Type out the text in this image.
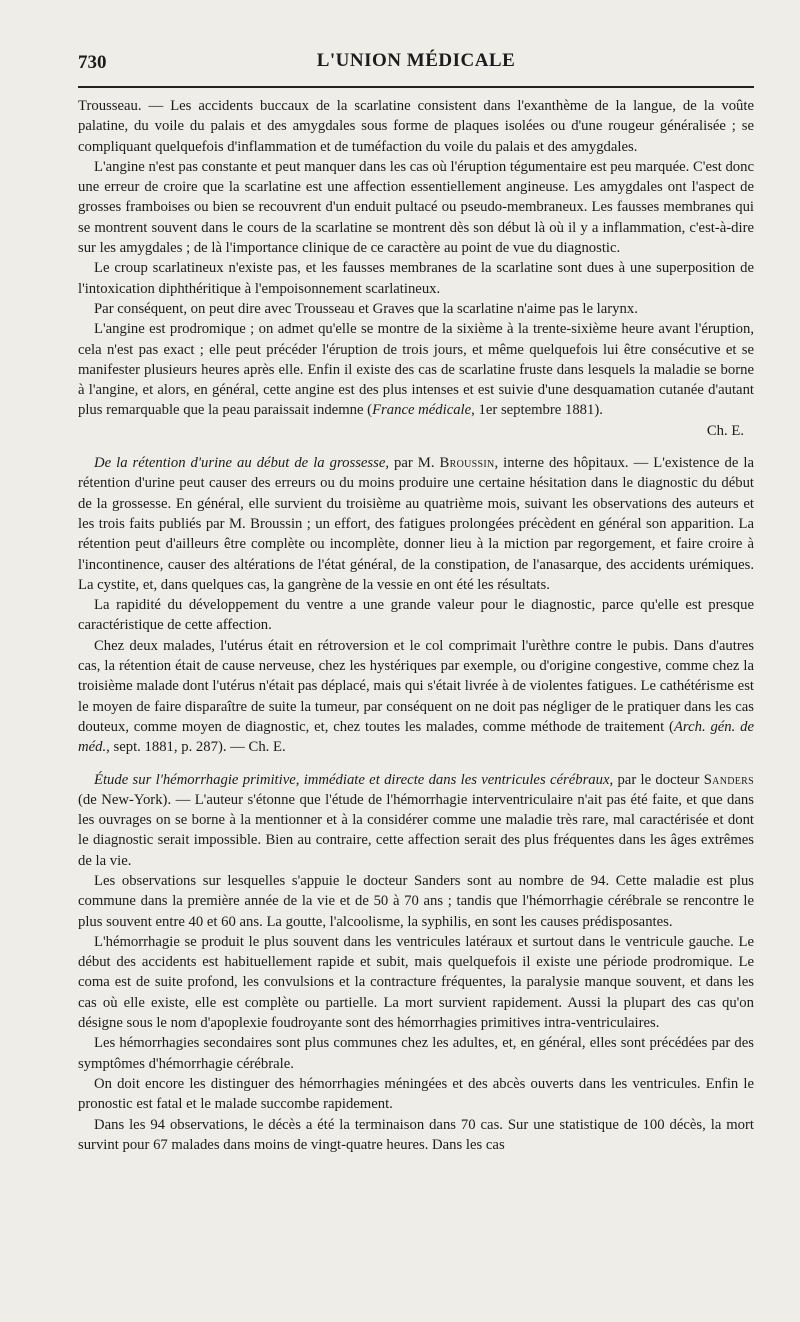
730	L'UNION MÉDICALE

Trousseau. — Les accidents buccaux de la scarlatine consistent dans l'exanthème de la langue, de la voûte palatine, du voile du palais et des amygdales sous forme de plaques isolées ou d'une rougeur généralisée ; se compliquant quelquefois d'inflammation et de tuméfaction du voile du palais et des amygdales.

L'angine n'est pas constante et peut manquer dans les cas où l'éruption tégumentaire est peu marquée. C'est donc une erreur de croire que la scarlatine est une affection essentiellement angineuse. Les amygdales ont l'aspect de grosses framboises ou bien se recouvrent d'un enduit pultacé ou pseudo-membraneux. Les fausses membranes qui se montrent souvent dans le cours de la scarlatine se montrent dès son début là où il y a inflammation, c'est-à-dire sur les amygdales ; de là l'importance clinique de ce caractère au point de vue du diagnostic.

Le croup scarlatineux n'existe pas, et les fausses membranes de la scarlatine sont dues à une superposition de l'intoxication diphthéritique à l'empoisonnement scarlatineux.

Par conséquent, on peut dire avec Trousseau et Graves que la scarlatine n'aime pas le larynx.

L'angine est prodromique ; on admet qu'elle se montre de la sixième à la trente-sixième heure avant l'éruption, cela n'est pas exact ; elle peut précéder l'éruption de trois jours, et même quelquefois lui être consécutive et se manifester plusieurs heures après elle. Enfin il existe des cas de scarlatine fruste dans lesquels la maladie se borne à l'angine, et alors, en général, cette angine est des plus intenses et est suivie d'une desquamation cutanée d'autant plus remarquable que la peau paraissait indemne (France médicale, 1er septembre 1881).

Ch. E.

De la rétention d'urine au début de la grossesse, par M. Broussin, interne des hôpitaux. — L'existence de la rétention d'urine peut causer des erreurs ou du moins produire une certaine hésitation dans le diagnostic du début de la grossesse. En général, elle survient du troisième au quatrième mois, suivant les observations des auteurs et les trois faits publiés par M. Broussin ; un effort, des fatigues prolongées précèdent en général son apparition. La rétention peut d'ailleurs être complète ou incomplète, donner lieu à la miction par regorgement, et faire croire à l'incontinence, causer des altérations de l'état général, de la constipation, de l'anasarque, des accidents urémiques. La cystite, et, dans quelques cas, la gangrène de la vessie en ont été les résultats.

La rapidité du développement du ventre a une grande valeur pour le diagnostic, parce qu'elle est presque caractéristique de cette affection.

Chez deux malades, l'utérus était en rétroversion et le col comprimait l'urèthre contre le pubis. Dans d'autres cas, la rétention était de cause nerveuse, chez les hystériques par exemple, ou d'origine congestive, comme chez la troisième malade dont l'utérus n'était pas déplacé, mais qui s'était livrée à de violentes fatigues. Le cathétérisme est le moyen de faire disparaître de suite la tumeur, par conséquent on ne doit pas négliger de le pratiquer dans les cas douteux, comme moyen de diagnostic, et, chez toutes les malades, comme méthode de traitement (Arch. gén. de méd., sept. 1881, p. 287). — Ch. E.

Étude sur l'hémorrhagie primitive, immédiate et directe dans les ventricules cérébraux, par le docteur Sanders (de New-York). — L'auteur s'étonne que l'étude de l'hémorrhagie interventriculaire n'ait pas été faite, et que dans les ouvrages on se borne à la mentionner et à la considérer comme une maladie très rare, mal caractérisée et dont le diagnostic serait impossible. Bien au contraire, cette affection serait des plus fréquentes dans les âges extrêmes de la vie.

Les observations sur lesquelles s'appuie le docteur Sanders sont au nombre de 94. Cette maladie est plus commune dans la première année de la vie et de 50 à 70 ans ; tandis que l'hémorrhagie cérébrale se rencontre le plus souvent entre 40 et 60 ans. La goutte, l'alcoolisme, la syphilis, en sont les causes prédisposantes.

L'hémorrhagie se produit le plus souvent dans les ventricules latéraux et surtout dans le ventricule gauche. Le début des accidents est habituellement rapide et subit, mais quelquefois il existe une période prodromique. Le coma est de suite profond, les convulsions et la contracture fréquentes, la paralysie manque souvent, et dans les cas où elle existe, elle est complète ou partielle. La mort survient rapidement. Aussi la plupart des cas qu'on désigne sous le nom d'apoplexie foudroyante sont des hémorrhagies primitives intra-ventriculaires.

Les hémorrhagies secondaires sont plus communes chez les adultes, et, en général, elles sont précédées par des symptômes d'hémorrhagie cérébrale.

On doit encore les distinguer des hémorrhagies méningées et des abcès ouverts dans les ventricules. Enfin le pronostic est fatal et le malade succombe rapidement.

Dans les 94 observations, le décès a été la terminaison dans 70 cas. Sur une statistique de 100 décès, la mort survint pour 67 malades dans moins de vingt-quatre heures. Dans les cas
